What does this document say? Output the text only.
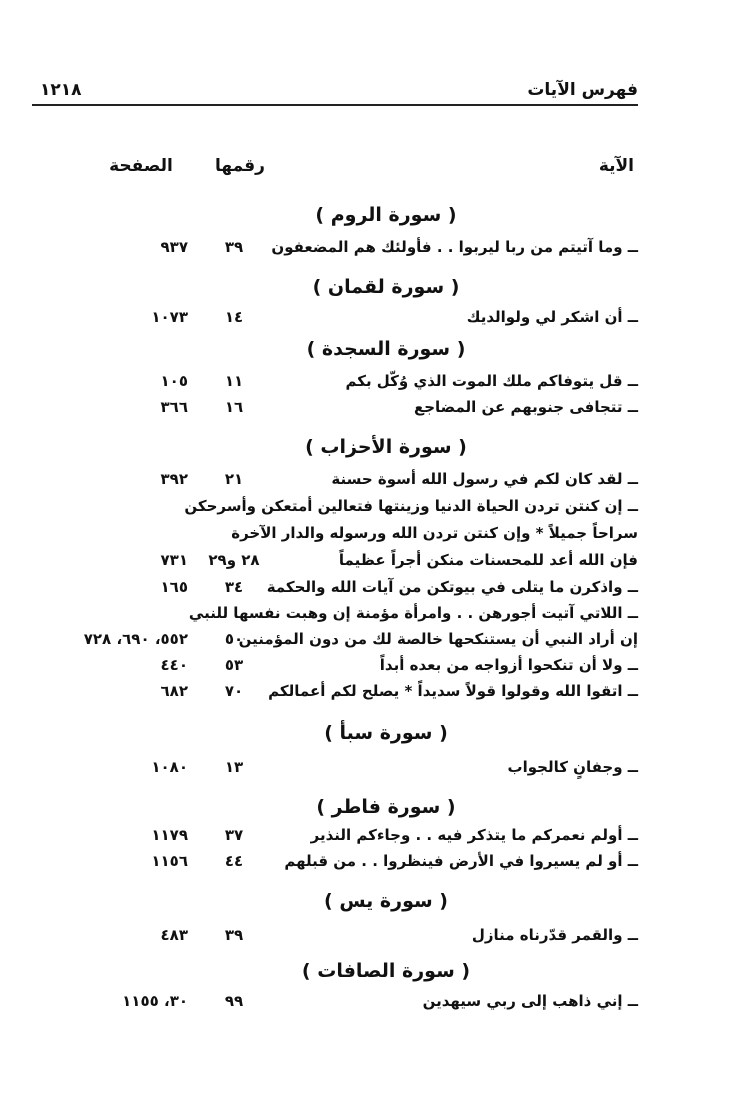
١٢١٨	فهرس الآيات
الآية
رقمها
الصفحة
( سورة الروم )
ــ وما آتيتم من ربا ليربوا . . فأولئك هم المضعفون
٣٩
٩٣٧
( سورة لقمان )
ــ أن اشكر لي ولوالديك
١٤
١٠٧٣
( سورة السجدة )
ــ قل يتوفاكم ملك الموت الذي وُكّل بكم
١١
١٠٥
ــ تتجافى جنوبهم عن المضاجع
١٦
٣٦٦
( سورة الأحزاب )
ــ لقد كان لكم في رسول الله أسوة حسنة
٢١
٣٩٢
ــ إن كنتن تردن الحياة الدنيا وزينتها فتعالين أمتعكن وأسرحكن
سراحاً جميلاً * وإن كنتن تردن الله ورسوله والدار الآخرة
فإن الله أعد للمحسنات منكن أجراً عظيماً
٢٨ و٢٩
٧٣١
ــ واذكرن ما يتلى في بيوتكن من آيات الله والحكمة
٣٤
١٦٥
ــ اللاتي آتيت أجورهن . . وامرأة مؤمنة إن وهبت نفسها للنبي
إن أراد النبي أن يستنكحها خالصة لك من دون المؤمنين
٥٠
٥٥٢، ٦٩٠، ٧٢٨
ــ ولا أن تنكحوا أزواجه من بعده أبداً
٥٣
٤٤٠
ــ اتقوا الله وقولوا قولاً سديداً * يصلح لكم أعمالكم
٧٠
٦٨٢
( سورة سبأ )
ــ وجفانٍ كالجواب
١٣
١٠٨٠
( سورة فاطر )
ــ أولم نعمركم ما يتذكر فيه . . وجاءكم النذير
٣٧
١١٧٩
ــ أو لم يسيروا في الأرض فينظروا . . من قبلهم
٤٤
١١٥٦
( سورة يس )
ــ والقمر قدّرناه منازل
٣٩
٤٨٣
( سورة الصافات )
ــ إني ذاهب إلى ربي سيهدين
٩٩
٣٠، ١١٥٥
